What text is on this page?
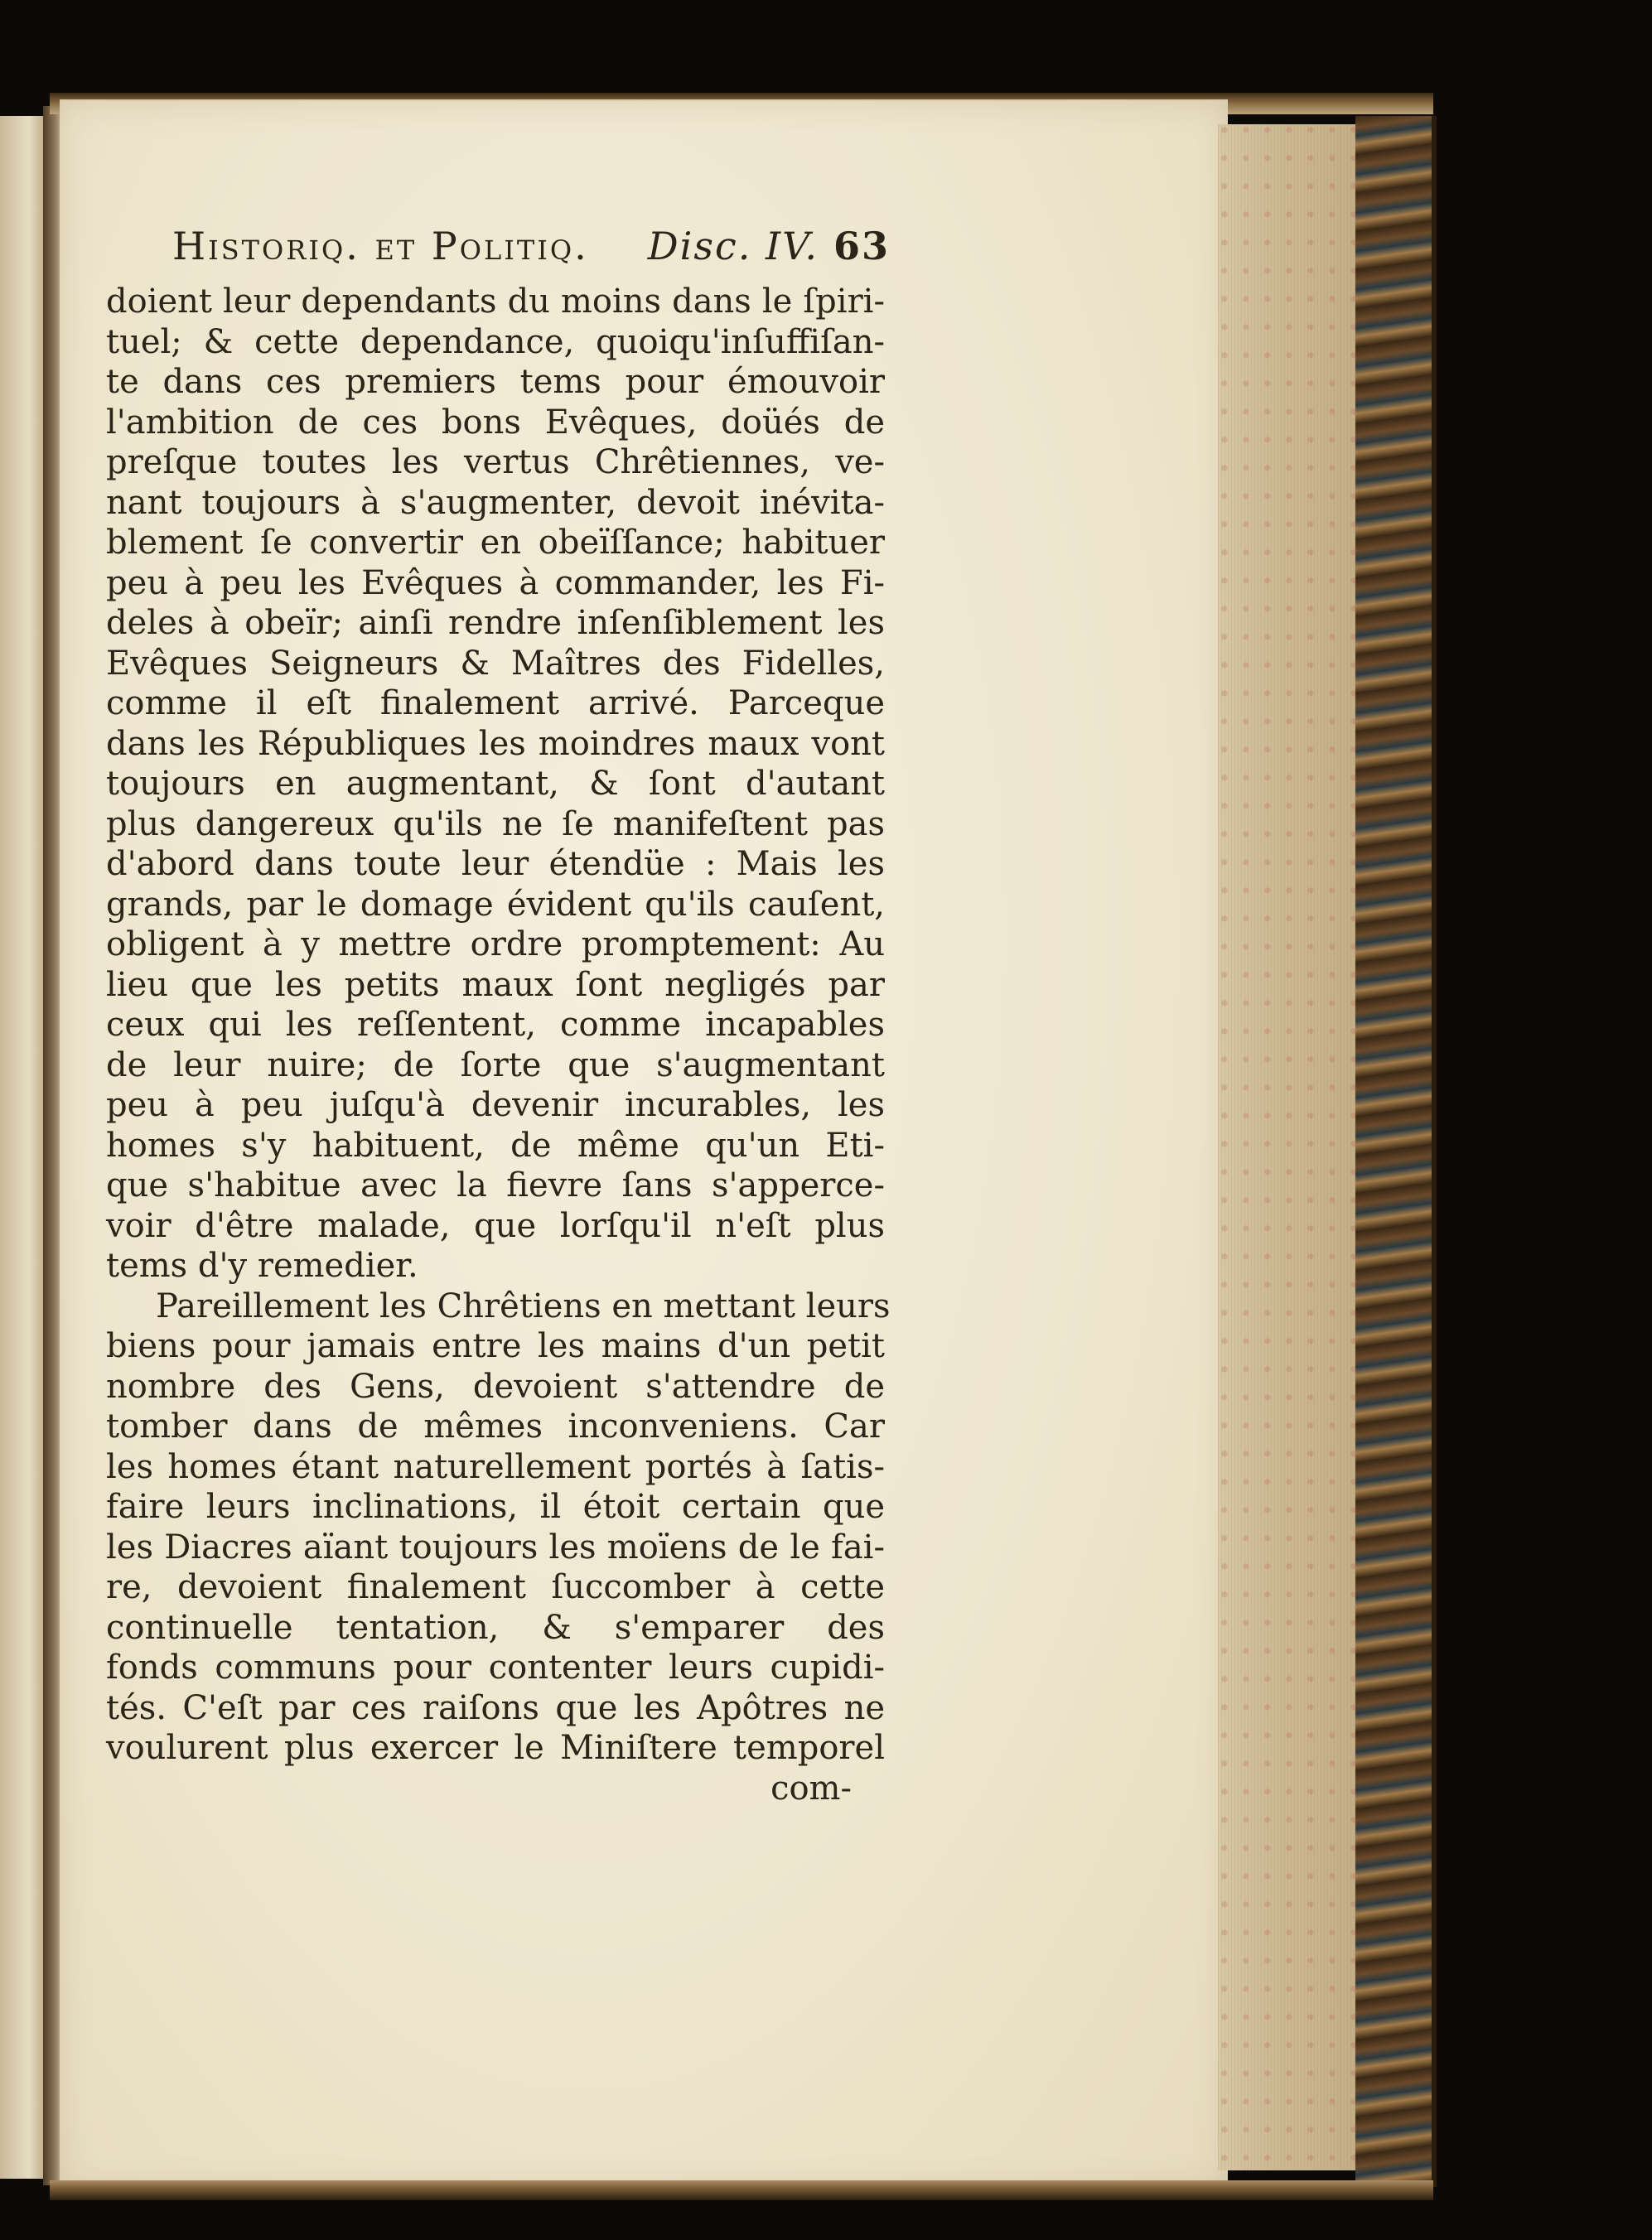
Historiq. et Politiq. Disc. IV. 63
doient leur dependants du moins dans le ſpiri-
tuel; & cette dependance, quoiqu'inſuffiſan-
te dans ces premiers tems pour émouvoir
l'ambition de ces bons Evêques, doüés de
preſque toutes les vertus Chrêtiennes, ve-
nant toujours à s'augmenter, devoit inévita-
blement ſe convertir en obeïſſance; habituer
peu à peu les Evêques à commander, les Fi-
deles à obeïr; ainſi rendre inſenſiblement les
Evêques Seigneurs & Maîtres des Fidelles,
comme il eſt finalement arrivé. Parceque
dans les Républiques les moindres maux vont
toujours en augmentant, & ſont d'autant
plus dangereux qu'ils ne ſe manifeſtent pas
d'abord dans toute leur étendüe : Mais les
grands, par le domage évident qu'ils cauſent,
obligent à y mettre ordre promptement: Au
lieu que les petits maux ſont negligés par
ceux qui les reſſentent, comme incapables
de leur nuire; de ſorte que s'augmentant
peu à peu juſqu'à devenir incurables, les
homes s'y habituent, de même qu'un Eti-
que s'habitue avec la fievre ſans s'apperce-
voir d'être malade, que lorſqu'il n'eſt plus
tems d'y remedier.
Pareillement les Chrêtiens en mettant leurs
biens pour jamais entre les mains d'un petit
nombre des Gens, devoient s'attendre de
tomber dans de mêmes inconveniens. Car
les homes étant naturellement portés à ſatis-
faire leurs inclinations, il étoit certain que
les Diacres aïant toujours les moïens de le fai-
re, devoient finalement ſuccomber à cette
continuelle tentation, & s'emparer des
fonds communs pour contenter leurs cupidi-
tés. C'eſt par ces raiſons que les Apôtres ne
voulurent plus exercer le Miniſtere temporel
com-
